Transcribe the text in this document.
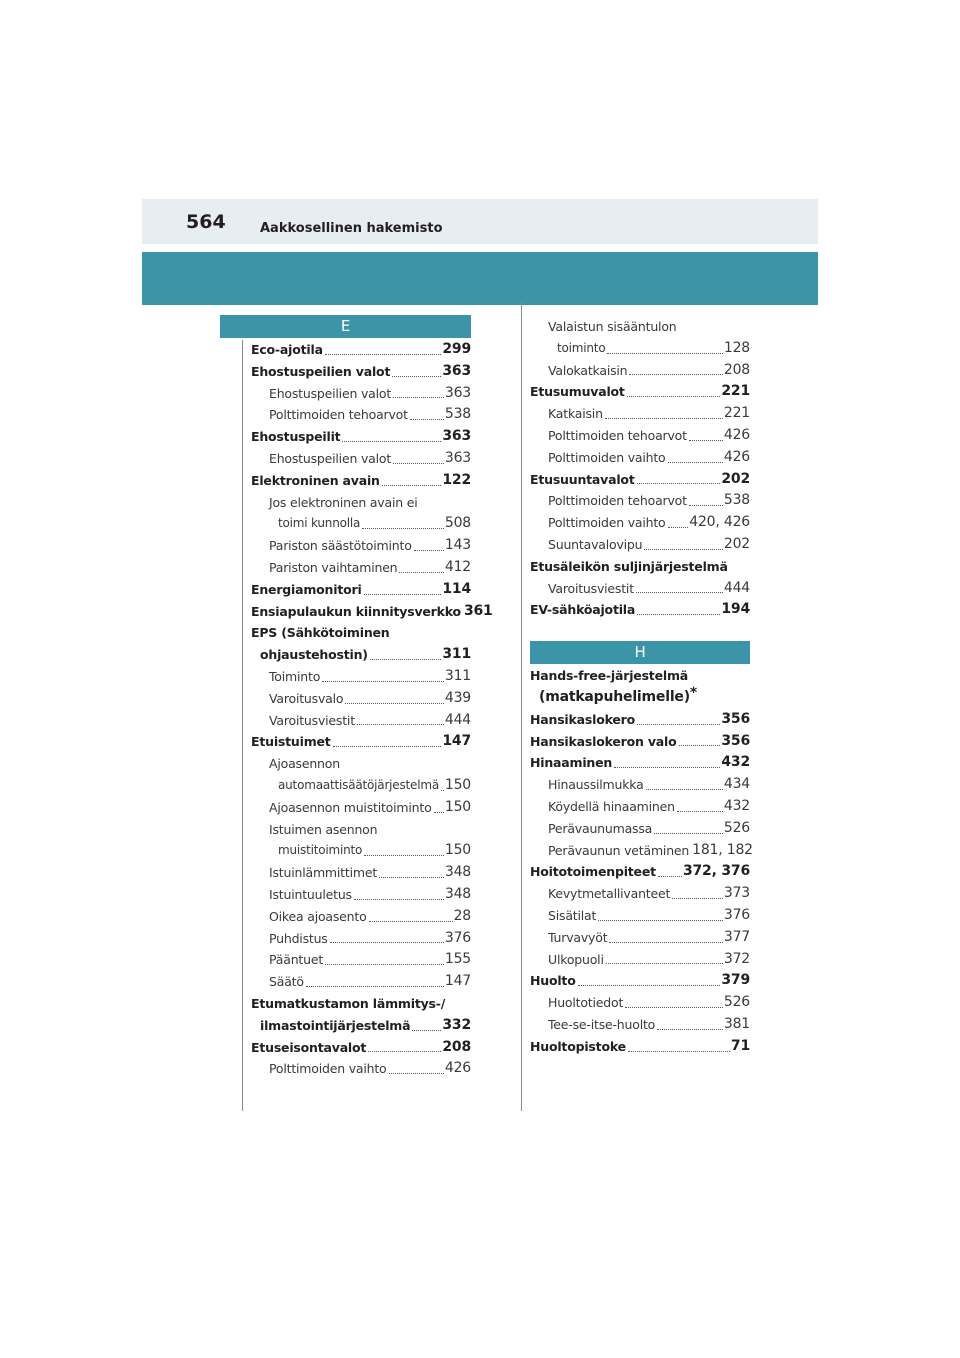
564	Aakkosellinen hakemisto
E
Eco-ajotila	299
Ehostuspeilien valot	363
Ehostuspeilien valot	363
Polttimoiden tehoarvot	538
Ehostuspeilit	363
Ehostuspeilien valot	363
Elektroninen avain	122
Jos elektroninen avain ei
toimi kunnolla	508
Pariston säästötoiminto 143
Pariston vaihtaminen	412
Energiamonitori	114
Ensiapulaukun kiinnitysverkko 361
EPS (Sähkötoiminen
ohjaustehostin)	311
Toiminto	311
Varoitusvalo	439
Varoitusviestit	444
Etuistuimet	147
Ajoasennon
automaattisäätöjärjestelmä 150
Ajoasennon muistitoiminto 150
Istuimen asennon
muistitoiminto	150
Istuinlämmittimet	348
Istuintuuletus	348
Oikea ajoasento	28
Puhdistus	376
Pääntuet	155
Säätö	147
Etumatkustamon lämmitys-/
ilmastointijärjestelmä 332
Etuseisontavalot	208
Polttimoiden vaihto	426
Valaistun sisääntulon
toiminto	128
Valokatkaisin	208
Etusumuvalot	221
Katkaisin	221
Polttimoiden tehoarvot	426
Polttimoiden vaihto	426
Etusuuntavalot	202
Polttimoiden tehoarvot	538
Polttimoiden vaihto 420, 426
Suuntavalovipu	202
Etusäleikön suljinjärjestelmä
Varoitusviestit	444
EV-sähköajotila	194
H
Hands-free-järjestelmä
(matkapuhelimelle)*
Hansikaslokero	356
Hansikaslokeron valo	356
Hinaaminen	432
Hinaussilmukka	434
Köydellä hinaaminen	432
Perävaunumassa	526
Perävaunun vetäminen 181, 182
Hoitotoimenpiteet 372, 376
Kevytmetallivanteet	373
Sisätilat	376
Turvavyöt	377
Ulkopuoli	372
Huolto	379
Huoltotiedot	526
Tee-se-itse-huolto	381
Huoltopistoke	71
